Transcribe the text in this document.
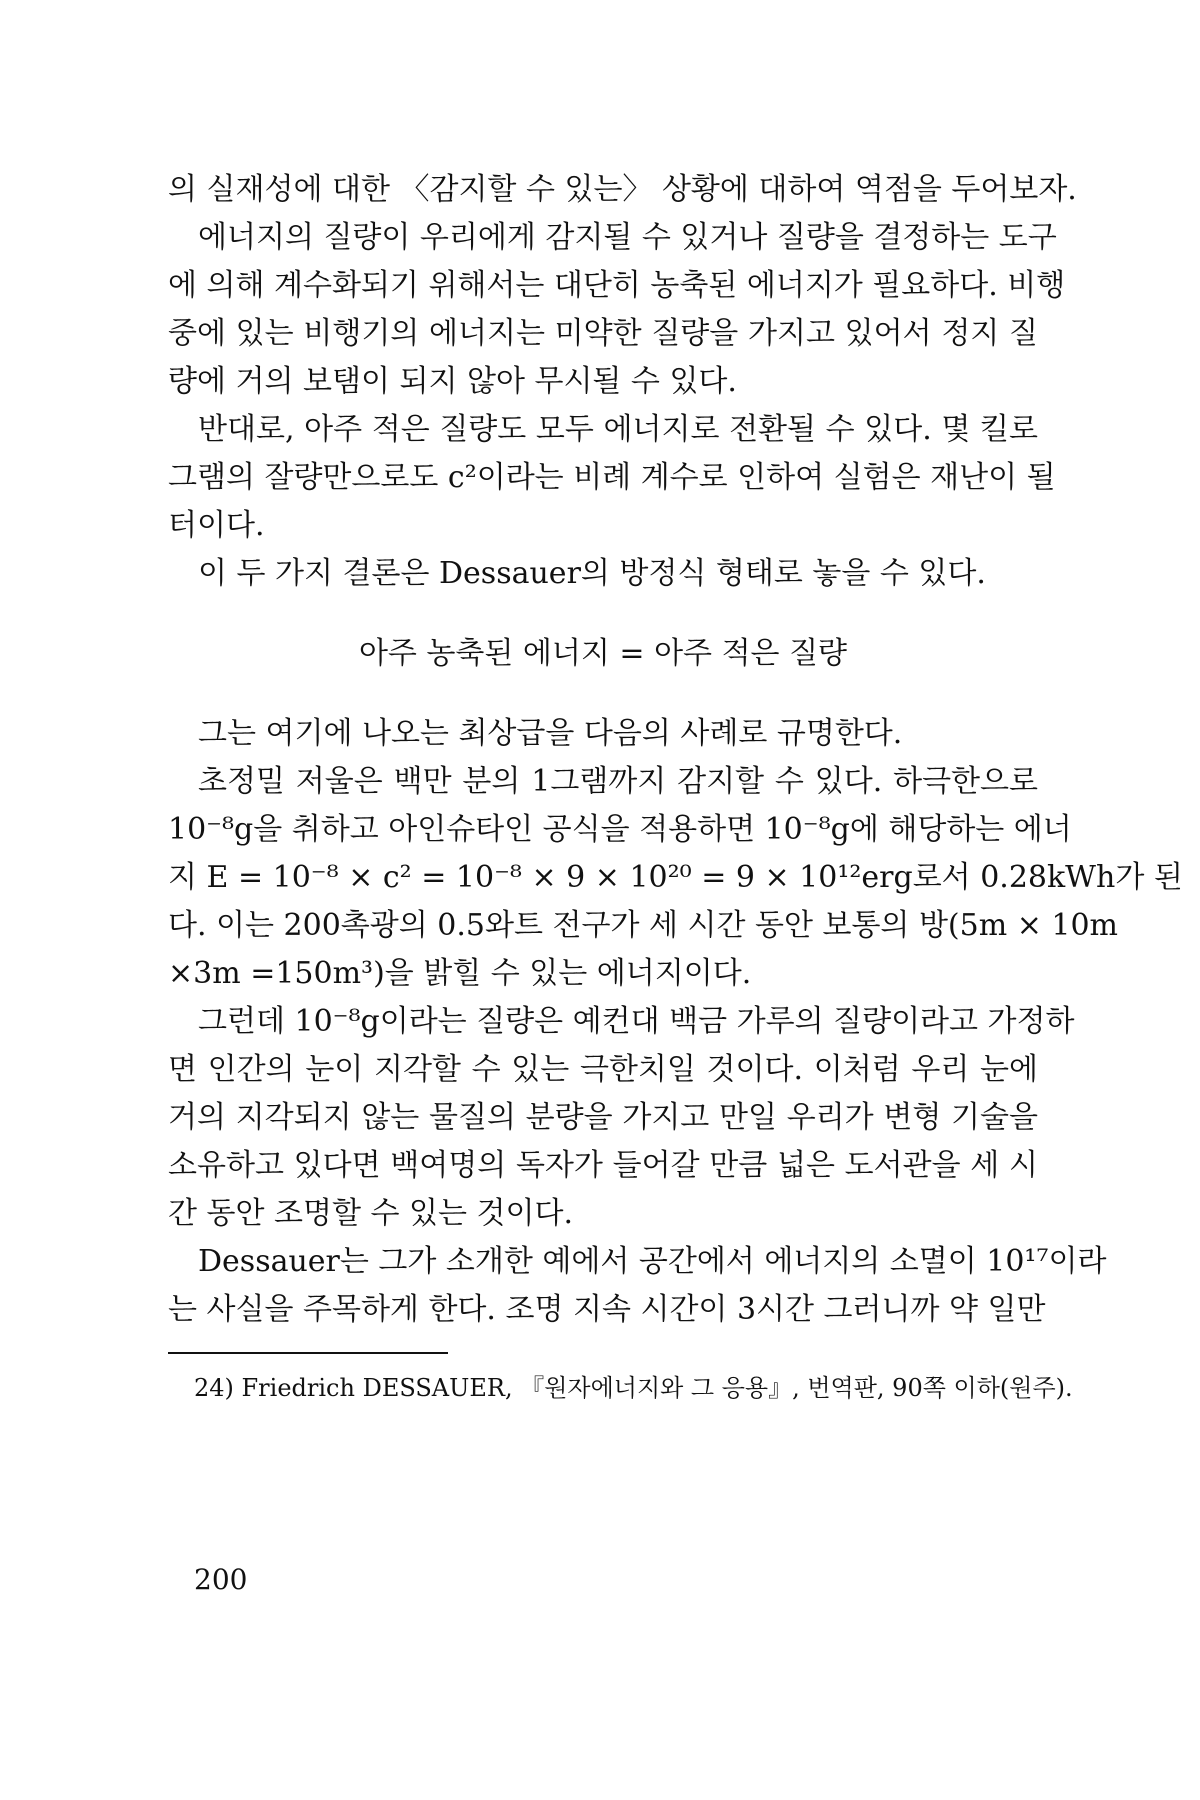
의 실재성에 대한 〈감지할 수 있는〉 상황에 대하여 역점을 두어보자.
에너지의 질량이 우리에게 감지될 수 있거나 질량을 결정하는 도구
에 의해 계수화되기 위해서는 대단히 농축된 에너지가 필요하다. 비행
중에 있는 비행기의 에너지는 미약한 질량을 가지고 있어서 정지 질
량에 거의 보탬이 되지 않아 무시될 수 있다.
반대로, 아주 적은 질량도 모두 에너지로 전환될 수 있다. 몇 킬로
그램의 잘량만으로도 c²이라는 비례 계수로 인하여 실험은 재난이 될
터이다.
이 두 가지 결론은 Dessauer의 방정식 형태로 놓을 수 있다.
아주 농축된 에너지 = 아주 적은 질량
그는 여기에 나오는 최상급을 다음의 사례로 규명한다.
초정밀 저울은 백만 분의 1그램까지 감지할 수 있다. 하극한으로
10⁻⁸g을 취하고 아인슈타인 공식을 적용하면 10⁻⁸g에 해당하는 에너
지 E = 10⁻⁸ × c² = 10⁻⁸ × 9 × 10²⁰ = 9 × 10¹²erg로서 0.28kWh가 된
다. 이는 200촉광의 0.5와트 전구가 세 시간 동안 보통의 방(5m × 10m
×3m =150m³)을 밝힐 수 있는 에너지이다.
그런데 10⁻⁸g이라는 질량은 예컨대 백금 가루의 질량이라고 가정하
면 인간의 눈이 지각할 수 있는 극한치일 것이다. 이처럼 우리 눈에
거의 지각되지 않는 물질의 분량을 가지고 만일 우리가 변형 기술을
소유하고 있다면 백여명의 독자가 들어갈 만큼 넓은 도서관을 세 시
간 동안 조명할 수 있는 것이다.
Dessauer는 그가 소개한 예에서 공간에서 에너지의 소멸이 10¹⁷이라
는 사실을 주목하게 한다. 조명 지속 시간이 3시간 그러니까 약 일만
24) Friedrich DESSAUER, 『원자에너지와 그 응용』, 번역판, 90쪽 이하(원주).
200
